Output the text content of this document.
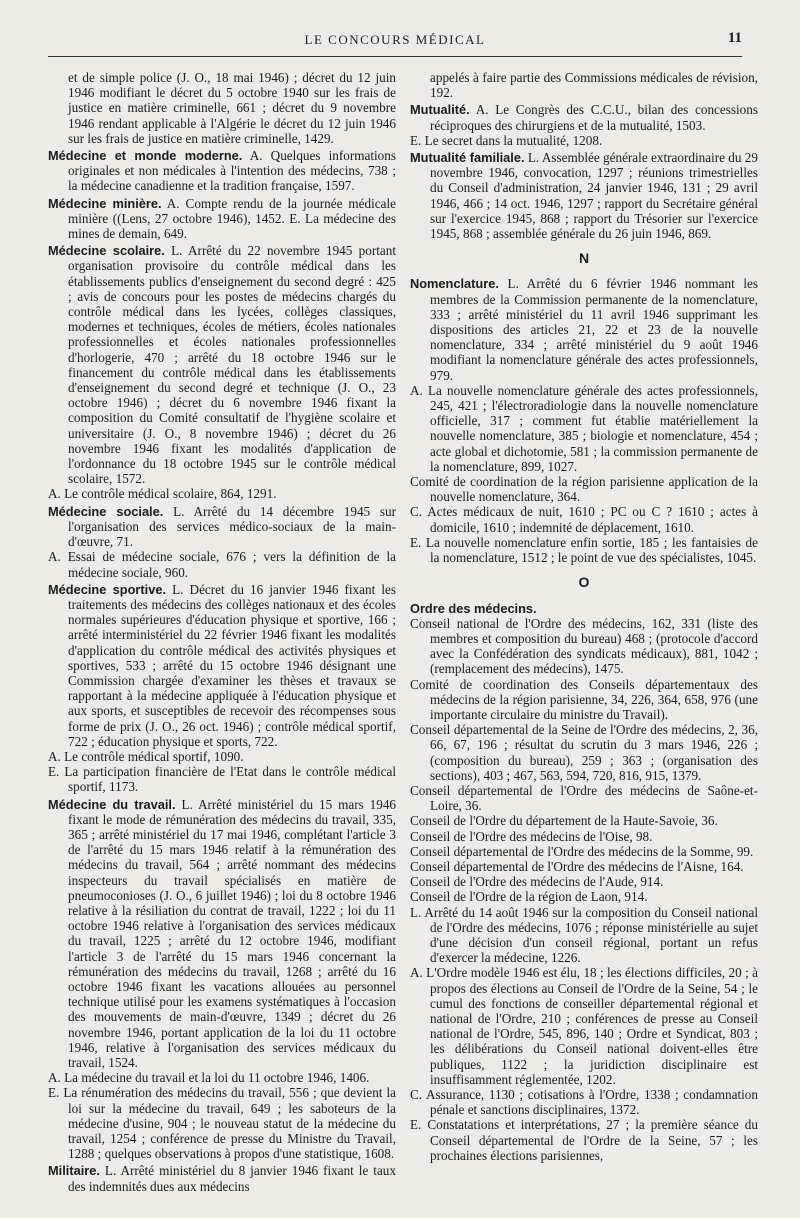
LE CONCOURS MÉDICAL	11
et de simple police (J. O., 18 mai 1946) ; décret du 12 juin 1946 modifiant le décret du 5 octobre 1940 sur les frais de justice en matière criminelle, 661 ; décret du 9 novembre 1946 rendant applicable à l'Algérie le décret du 12 juin 1946 sur les frais de justice en matière criminelle, 1429.
Médecine et monde moderne. A. Quelques informations originales et non médicales à l'intention des médecins, 738 ; la médecine canadienne et la tradition française, 1597.
Médecine minière. A. Compte rendu de la journée médicale minière ((Lens, 27 octobre 1946), 1452. E. La médecine des mines de demain, 649.
Médecine scolaire. L. Arrêté du 22 novembre 1945 portant organisation provisoire du contrôle médical dans les établissements publics d'enseignement du second degré : 425 ; avis de concours pour les postes de médecins chargés du contrôle médical dans les lycées, collèges classiques, modernes et techniques, écoles de métiers, écoles nationales professionnelles et écoles nationales professionnelles d'horlogerie, 470 ; arrêté du 18 octobre 1946 sur le financement du contrôle médical dans les établissements d'enseignement du second degré et technique (J. O., 23 octobre 1946) ; décret du 6 novembre 1946 fixant la composition du Comité consultatif de l'hygiène scolaire et universitaire (J. O., 8 novembre 1946) ; décret du 26 novembre 1946 fixant les modalités d'application de l'ordonnance du 18 octobre 1945 sur le contrôle médical scolaire, 1572.
A. Le contrôle médical scolaire, 864, 1291.
Médecine sociale. L. Arrêté du 14 décembre 1945 sur l'organisation des services médico-sociaux de la main-d'œuvre, 71.
A. Essai de médecine sociale, 676 ; vers la définition de la médecine sociale, 960.
Médecine sportive. L. Décret du 16 janvier 1946 fixant les traitements des médecins des collèges nationaux et des écoles normales supérieures d'éducation physique et sportive, 166 ; arrêté interministériel du 22 février 1946 fixant les modalités d'application du contrôle médical des activités physiques et sportives, 533 ; arrêté du 15 octobre 1946 désignant une Commission chargée d'examiner les thèses et travaux se rapportant à la médecine appliquée à l'éducation physique et aux sports, et susceptibles de recevoir des récompenses sous forme de prix (J. O., 26 oct. 1946) ; contrôle médical sportif, 722 ; éducation physique et sports, 722.
A. Le contrôle médical sportif, 1090.
E. La participation financière de l'Etat dans le contrôle médical sportif, 1173.
Médecine du travail. L. Arrêté ministériel du 15 mars 1946 fixant le mode de rémunération des médecins du travail, 335, 365 ; arrêté ministériel du 17 mai 1946, complétant l'article 3 de l'arrêté du 15 mars 1946 relatif à la rémunération des médecins du travail, 564 ; arrêté nommant des médecins inspecteurs du travail spécialisés en matière de pneumoconioses (J. O., 6 juillet 1946) ; loi du 8 octobre 1946 relative à la résiliation du contrat de travail, 1222 ; loi du 11 octobre 1946 relative à l'organisation des services médicaux du travail, 1225 ; arrêté du 12 octobre 1946, modifiant l'article 3 de l'arrêté du 15 mars 1946 concernant la rémunération des médecins du travail, 1268 ; arrêté du 16 octobre 1946 fixant les vacations allouées au personnel technique utilisé pour les examens systématiques à l'occasion des mouvements de main-d'œuvre, 1349 ; décret du 26 novembre 1946, portant application de la loi du 11 octobre 1946, relative à l'organisation des services médicaux du travail, 1524.
A. La médecine du travail et la loi du 11 octobre 1946, 1406.
E. La rénumération des médecins du travail, 556 ; que devient la loi sur la médecine du travail, 649 ; les saboteurs de la médecine d'usine, 904 ; le nouveau statut de la médecine du travail, 1254 ; conférence de presse du Ministre du Travail, 1288 ; quelques observations à propos d'une statistique, 1608.
Militaire. L. Arrêté ministériel du 8 janvier 1946 fixant le taux des indemnités dues aux médecins
appelés à faire partie des Commissions médicales de révision, 192.
Mutualité. A. Le Congrès des C.C.U., bilan des concessions réciproques des chirurgiens et de la mutualité, 1503.
E. Le secret dans la mutualité, 1208.
Mutualité familiale. L. Assemblée générale extraordinaire du 29 novembre 1946, convocation, 1297 ; réunions trimestrielles du Conseil d'administration, 24 janvier 1946, 131 ; 29 avril 1946, 466 ; 14 oct. 1946, 1297 ; rapport du Secrétaire général sur l'exercice 1945, 868 ; rapport du Trésorier sur l'exercice 1945, 868 ; assemblée générale du 26 juin 1946, 869.
N
Nomenclature. L. Arrêté du 6 février 1946 nommant les membres de la Commission permanente de la nomenclature, 333 ; arrêté ministériel du 11 avril 1946 supprimant les dispositions des articles 21, 22 et 23 de la nouvelle nomenclature, 334 ; arrêté ministériel du 9 août 1946 modifiant la nomenclature générale des actes professionnels, 979.
A. La nouvelle nomenclature générale des actes professionnels, 245, 421 ; l'électroradiologie dans la nouvelle nomenclature officielle, 317 ; comment fut établie matériellement la nouvelle nomenclature, 385 ; biologie et nomenclature, 454 ; acte global et dichotomie, 581 ; la commission permanente de la nomenclature, 899, 1027.
Comité de coordination de la région parisienne application de la nouvelle nomenclature, 364.
C. Actes médicaux de nuit, 1610 ; PC ou C ? 1610 ; actes à domicile, 1610 ; indemnité de déplacement, 1610.
E. La nouvelle nomenclature enfin sortie, 185 ; les fantaisies de la nomenclature, 1512 ; le point de vue des spécialistes, 1045.
O
Ordre des médecins.
Conseil national de l'Ordre des médecins, 162, 331 (liste des membres et composition du bureau) 468 ; (protocole d'accord avec la Confédération des syndicats médicaux), 881, 1042 ; (remplacement des médecins), 1475.
Comité de coordination des Conseils départementaux des médecins de la région parisienne, 34, 226, 364, 658, 976 (une importante circulaire du ministre du Travail).
Conseil départemental de la Seine de l'Ordre des médecins, 2, 36, 66, 67, 196 ; résultat du scrutin du 3 mars 1946, 226 ; (composition du bureau), 259 ; 363 ; (organisation des sections), 403 ; 467, 563, 594, 720, 816, 915, 1379.
Conseil départemental de l'Ordre des médecins de Saône-et-Loire, 36.
Conseil de l'Ordre du département de la Haute-Savoie, 36.
Conseil de l'Ordre des médecins de l'Oise, 98.
Conseil départemental de l'Ordre des médecins de la Somme, 99.
Conseil départemental de l'Ordre des médecins de l'Aisne, 164.
Conseil de l'Ordre des médecins de l'Aude, 914.
Conseil de l'Ordre de la région de Laon, 914.
L. Arrêté du 14 août 1946 sur la composition du Conseil national de l'Ordre des médecins, 1076 ; réponse ministérielle au sujet d'une décision d'un conseil régional, portant un refus d'exercer la médecine, 1226.
A. L'Ordre modèle 1946 est élu, 18 ; les élections difficiles, 20 ; à propos des élections au Conseil de l'Ordre de la Seine, 54 ; le cumul des fonctions de conseiller départemental régional et national de l'Ordre, 210 ; conférences de presse au Conseil national de l'Ordre, 545, 896, 140 ; Ordre et Syndicat, 803 ; les délibérations du Conseil national doivent-elles être publiques, 1122 ; la juridiction disciplinaire est insuffisamment réglementée, 1202.
C. Assurance, 1130 ; cotisations à l'Ordre, 1338 ; condamnation pénale et sanctions disciplinaires, 1372.
E. Constatations et interprétations, 27 ; la première séance du Conseil départemental de l'Ordre de la Seine, 57 ; les prochaines élections parisiennes,
